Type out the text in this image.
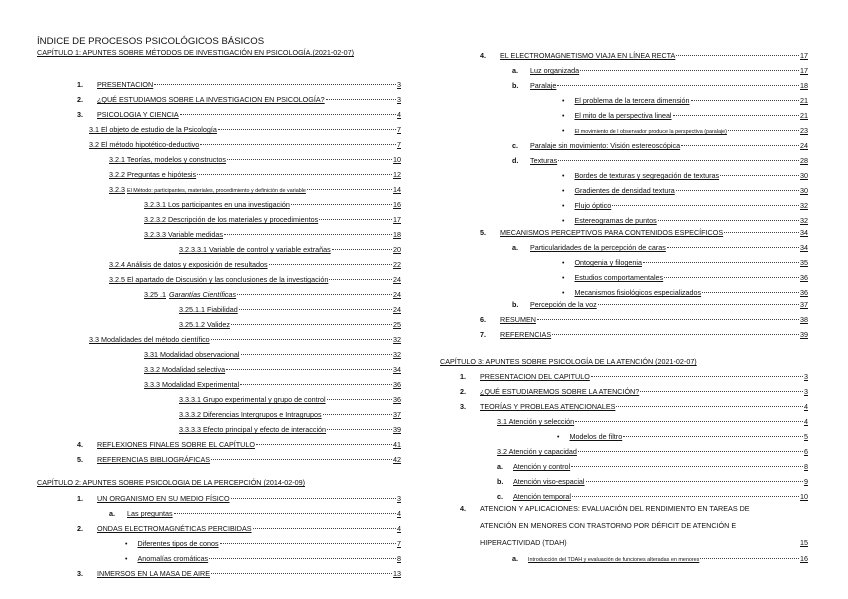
ÍNDICE DE PROCESOS PSICOLÓGICOS BÁSICOS
CAPÍTULO 1: APUNTES SOBRE MÉTODOS DE INVESTIGACIÓN EN PSICOLOGÍA.(2021-02-07)
1.	PRESENTACION	3
2.	¿QUÉ ESTUDIAMOS SOBRE LA INVESTIGACION EN PSICOLOGÍA?	3
3.	PSICOLOGIA Y CIENCIA	4
3.1 El objeto de estudio de la Psicología	7
3.2 El método hipotético-deductivo	7
3.2.1 Teorías, modelos y constructos	10
3.2.2 Preguntas e hipótesis	12
3.2.3 El Método: participantes, materiales, procedimiento y definición de variable	14
3.2.3.1 Los participantes en una investigación	16
3.2.3.2 Descripción de los materiales y procedimientos	17
3.2.3.3 Variable medidas	18
3.2.3.3.1 Variable de control y variable extrañas	20
3.2.4 Análisis de datos y exposición de resultados	22
3.2.5 El apartado de Discusión y las conclusiones de la investigación	24
3.25 .1 Garantías Científicas	24
3.25.1.1 Fiabilidad	24
3.25.1.2 Validez	25
3.3 Modalidades del método científico	32
3.31 Modalidad observacional	32
3.3.2 Modalidad selectiva	34
3.3.3 Modalidad Experimental	36
3.3.3.1 Grupo experimental y grupo de control	36
3.3.3.2 Diferencias Intergrupos e Intragrupos	37
3.3.3.3 Efecto principal y efecto de interacción	39
4.	REFLEXIONES FINALES SOBRE EL CAPÍTULO	41
5.	REFERENCIAS BIBLIOGRÁFICAS	42
CAPÍTULO 2: APUNTES SOBRE PSICOLOGIA DE LA PERCEPCIÓN (2014-02-09)
1.	UN ORGANISMO EN SU MEDIO FÍSICO	3
a.	Las preguntas	4
2.	ONDAS ELECTROMAGNÉTICAS PERCIBIDAS	4
• Diferentes tipos de conos	7
• Anomalías cromáticas	8
3.	INMERSOS EN LA MASA DE AIRE	13
4.	EL ELECTROMAGNETISMO VIAJA EN LÍNEA RECTA	17
a.	Luz organizada	17
b.	Paralaje	18
• El problema de la tercera dimensión	21
• El mito de la perspectiva lineal	21
• El movimiento de l observador produce la perspectiva (paralaje)	23
c.	Paralaje sin movimiento: Visión estereoscópica	24
d.	Texturas	28
• Bordes de texturas y segregación de texturas	30
• Gradientes de densidad textura	30
• Flujo óptico	32
• Estereogramas de puntos	32
5.	MECANISMOS PERCEPTIVOS PARA CONTENIDOS ESPECÍFICOS	34
a.	Particularidades de la percepción de caras	34
• Ontogenia y filogenia	35
• Estudios comportamentales	36
• Mecanismos fisiológicos especializados	36
b.	Percepción de la voz	37
6.	RESUMEN	38
7.	REFERENCIAS	39
CAPÍTULO 3: APUNTES SOBRE PSICOLOGÍA DE LA ATENCIÓN (2021-02-07)
1.	PRESENTACION DEL CAPITULO	3
2.	¿QUÉ ESTUDIAREMOS SOBRE LA ATENCIÓN?	3
3.	TEORÍAS Y PROBLEAS ATENCIONALES	4
3.1 Atención y selección	4
• Modelos de filtro	5
3.2 Atención y capacidad	6
a.	Atención y control	8
b.	Atención viso-espacial	9
c.	Atención temporal	10
4.	ATENCION Y APLICACIONES: EVALUACIÓN DEL RENDIMIENTO EN TAREAS DE ATENCIÓN EN MENORES CON TRASTORNO POR DÉFICIT DE ATENCIÓN E HIPERACTIVIDAD (TDAH)	15
a.	Introducción del TDAH y evaluación de funciones alteradas en menores	16
